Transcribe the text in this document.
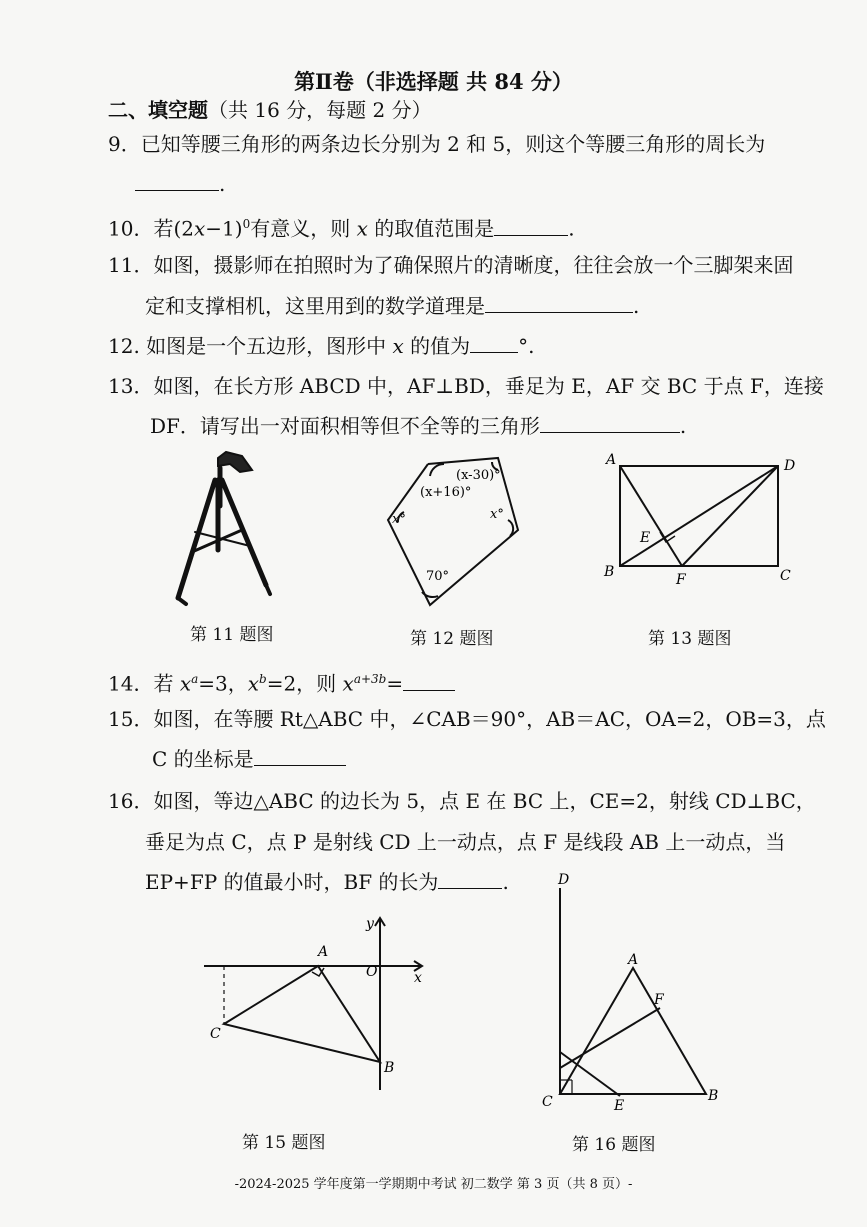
第Ⅱ卷（非选择题 共 84 分）
二、填空题（共 16 分，每题 2 分）
9．已知等腰三角形的两条边长分别为 2 和 5，则这个等腰三角形的周长为
.
10．若$(2x-1)^0$有意义，则 x 的取值范围是	.
11．如图，摄影师在拍照时为了确保照片的清晰度，往往会放一个三脚架来固
定和支撑相机，这里用到的数学道理是	.
12. 如图是一个五边形，图形中 x 的值为 °.
13．如图，在长方形 ABCD 中，AF⊥BD，垂足为 E，AF 交 BC 于点 F，连接
DF．请写出一对面积相等但不全等的三角形	.
第 11 题图
(x-30)°
(x+16)°
x°	x°
70°
第 12 题图
A
B	C
D
E
F
第 13 题图
14．若 $x^a=3$，$x^b=2$，则 $x^{a+3b}=$
15．如图，在等腰 Rt△ABC 中，∠CAB＝90°，AB＝AC，OA=2，OB=3，点
C 的坐标是
16．如图，等边△ABC 的边长为 5，点 E 在 BC 上，CE=2，射线 CD⊥BC，
垂足为点 C，点 P 是射线 CD 上一动点，点 F 是线段 AB 上一动点，当
EP+FP 的值最小时，BF 的长为	.
A
B
C
O	x
y
第 15 题图
D
A
B
C	E
F
第 16 题图
-2024-2025 学年度第一学期期中考试 初二数学 第 3 页（共 8 页）-
